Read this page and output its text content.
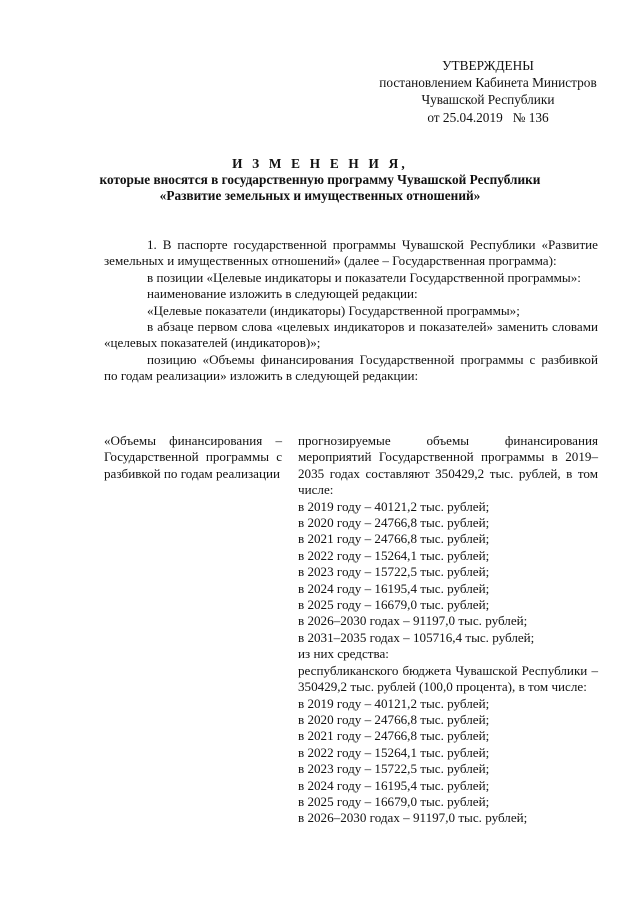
УТВЕРЖДЕНЫ
постановлением Кабинета Министров
Чувашской Республики
от 25.04.2019   № 136
И З М Е Н Е Н И Я,
которые вносятся в государственную программу Чувашской Республики
«Развитие земельных и имущественных отношений»

1. В паспорте государственной программы Чувашской Республики «Развитие земельных и имущественных отношений» (далее – Государственная программа):

в позиции «Целевые индикаторы и показатели Государственной программы»:

наименование изложить в следующей редакции:

«Целевые показатели (индикаторы) Государственной программы»;

в абзаце первом слова «целевых индикаторов и показателей» заменить словами «целевых показателей (индикаторов)»;

позицию «Объемы финансирования Государственной программы с разбивкой по годам реализации» изложить в следующей редакции:

«Объемы финансирования – Государственной программы с разбивкой по годам реализации
прогнозируемые объемы финансирования мероприятий Государственной программы в 2019–2035 годах составляют 350429,2 тыс. рублей, в том числе:
в 2019 году – 40121,2 тыс. рублей;
в 2020 году – 24766,8 тыс. рублей;
в 2021 году – 24766,8 тыс. рублей;
в 2022 году – 15264,1 тыс. рублей;
в 2023 году – 15722,5 тыс. рублей;
в 2024 году – 16195,4 тыс. рублей;
в 2025 году – 16679,0 тыс. рублей;
в 2026–2030 годах – 91197,0 тыс. рублей;
в 2031–2035 годах – 105716,4 тыс. рублей;
из них средства:
республиканского бюджета Чувашской Республики – 350429,2 тыс. рублей (100,0 процента), в том числе:
в 2019 году – 40121,2 тыс. рублей;
в 2020 году – 24766,8 тыс. рублей;
в 2021 году – 24766,8 тыс. рублей;
в 2022 году – 15264,1 тыс. рублей;
в 2023 году – 15722,5 тыс. рублей;
в 2024 году – 16195,4 тыс. рублей;
в 2025 году – 16679,0 тыс. рублей;
в 2026–2030 годах – 91197,0 тыс. рублей;
